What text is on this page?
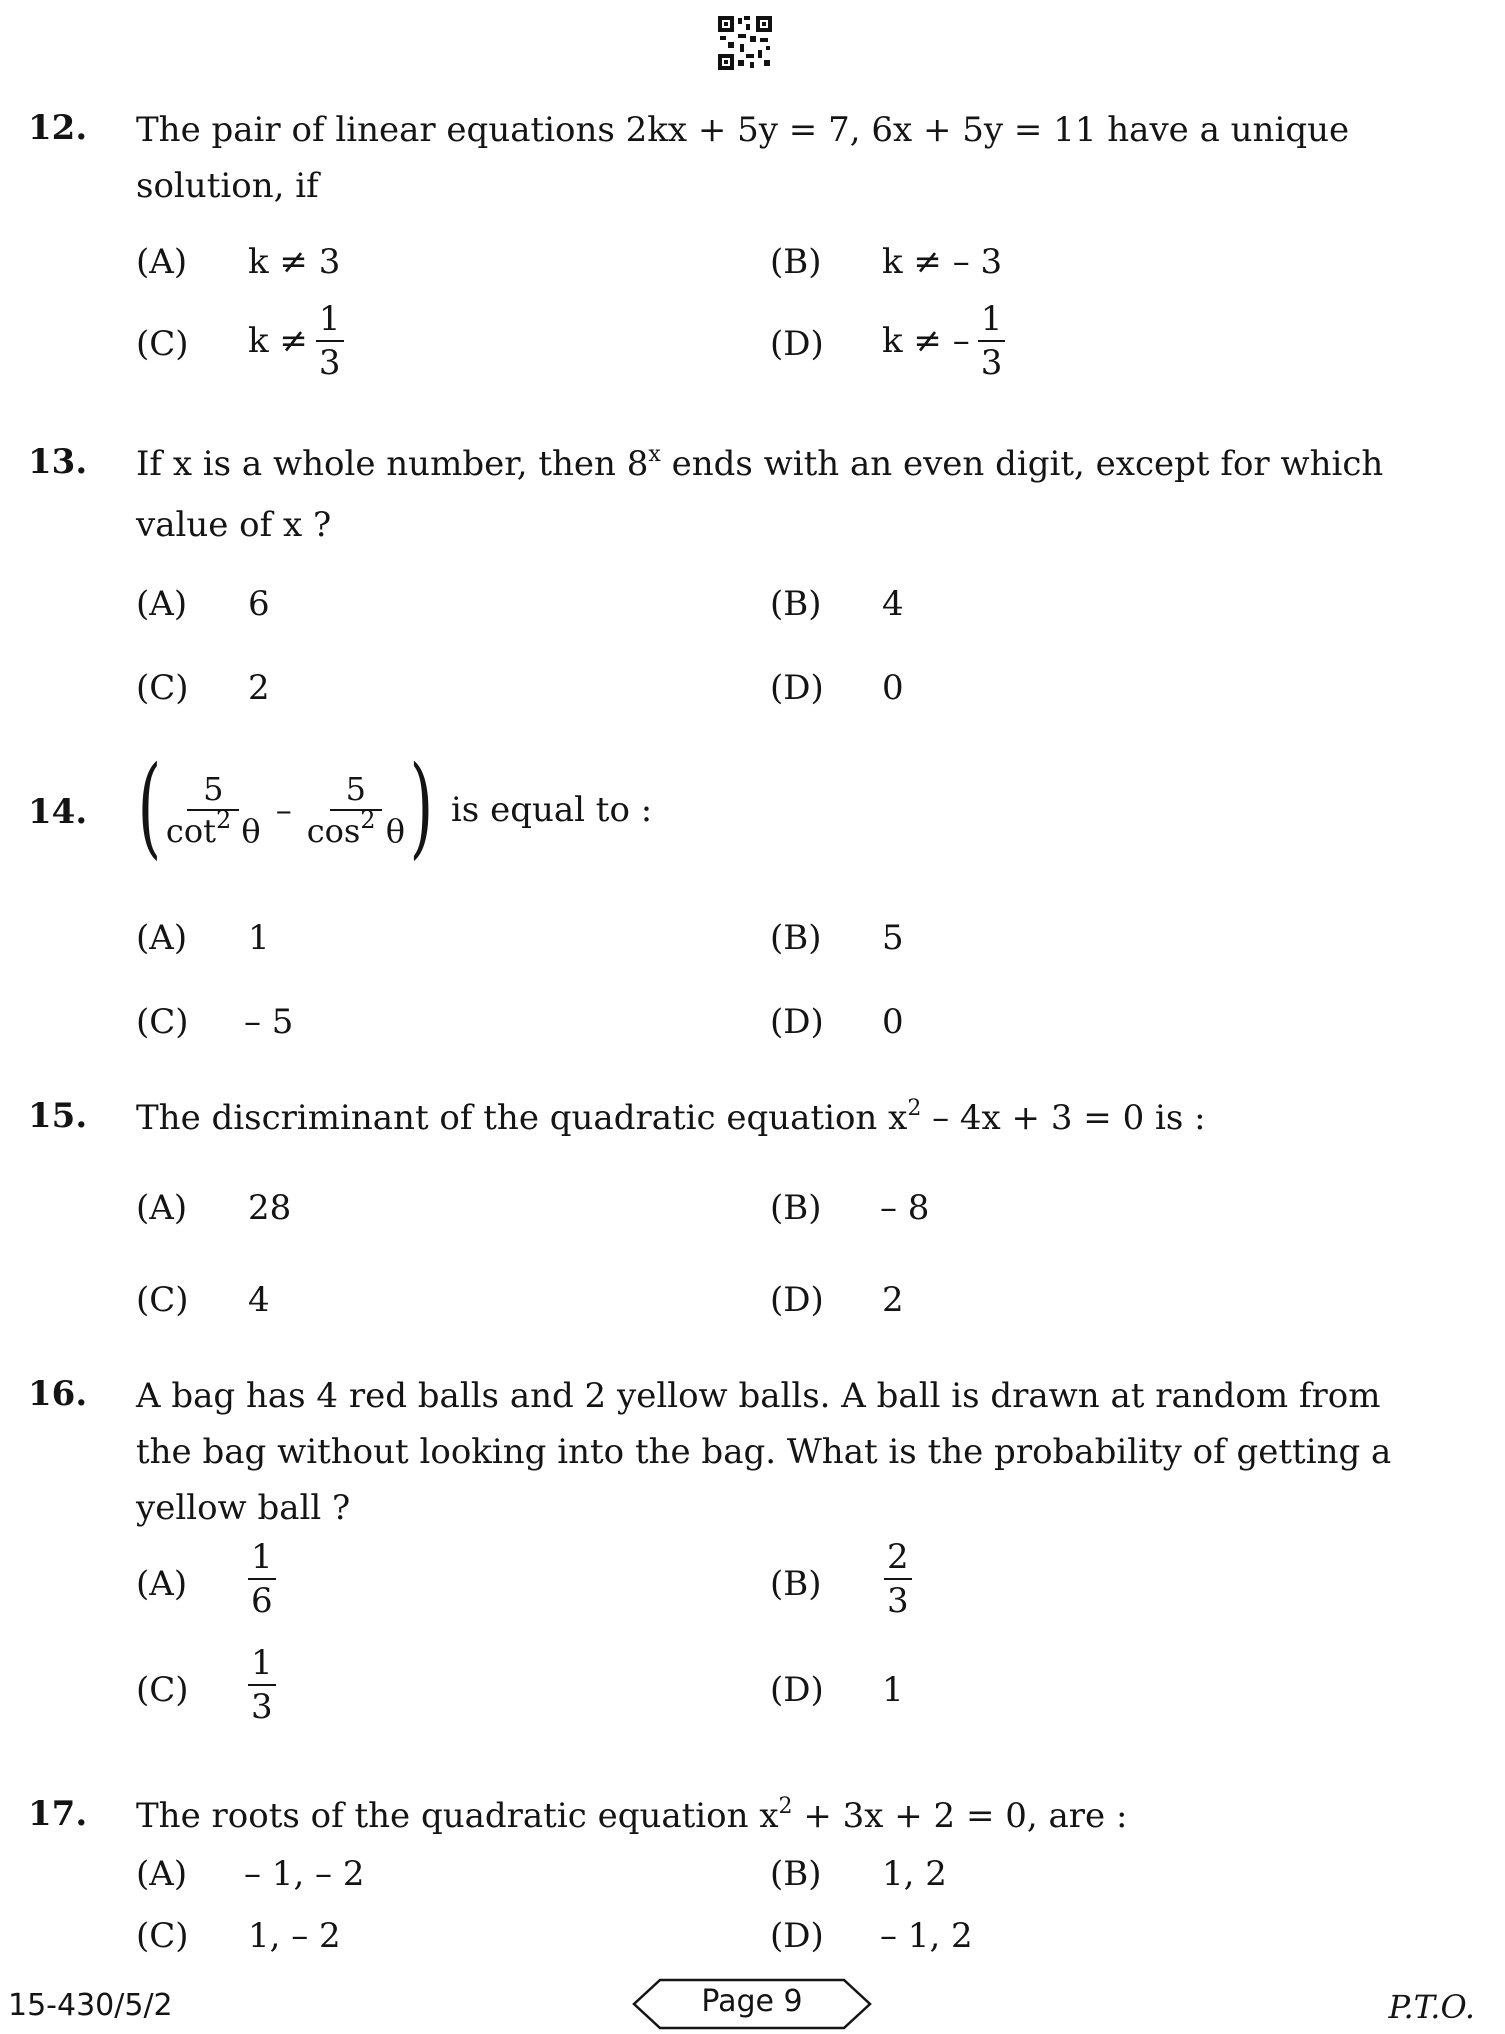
12. The pair of linear equations 2kx + 5y = 7, 6x + 5y = 11 have a unique
solution, if
(A) k ≠ 3	(B) k ≠ – 3
(C) $k \ne \frac{1}{3}$	(D) k ≠ – $\frac{1}{3}$
13. If x is a whole number, then 8$^x$ ends with an even digit, except for which
value of x ?
(A) 6	(B) 4
(C) 2	(D) 0
14. ( $\frac{5}{\cot^2 \theta} - \frac{5}{\cos^2 \theta}$ ) is equal to :
(A) 1	(B) 5
(C) – 5	(D) 0
15. The discriminant of the quadratic equation $x^2 - 4x + 3 = 0$ is :
(A) 28	(B) – 8
(C) 4	(D) 2
16. A bag has 4 red balls and 2 yellow balls. A ball is drawn at random from
the bag without looking into the bag. What is the probability of getting a
yellow ball ?
$(A) \frac{1}{6}$	$(B) \frac{2}{3}$
$(C) \frac{1}{3}$	(D) 1
17. The roots of the quadratic equation $x^2 + 3x + 2 = 0$, are :
(A) – 1, – 2	(B) 1, 2
(C) 1, – 2	(D) – 1, 2
15-430/5/2	Page 9	P.T.O.
